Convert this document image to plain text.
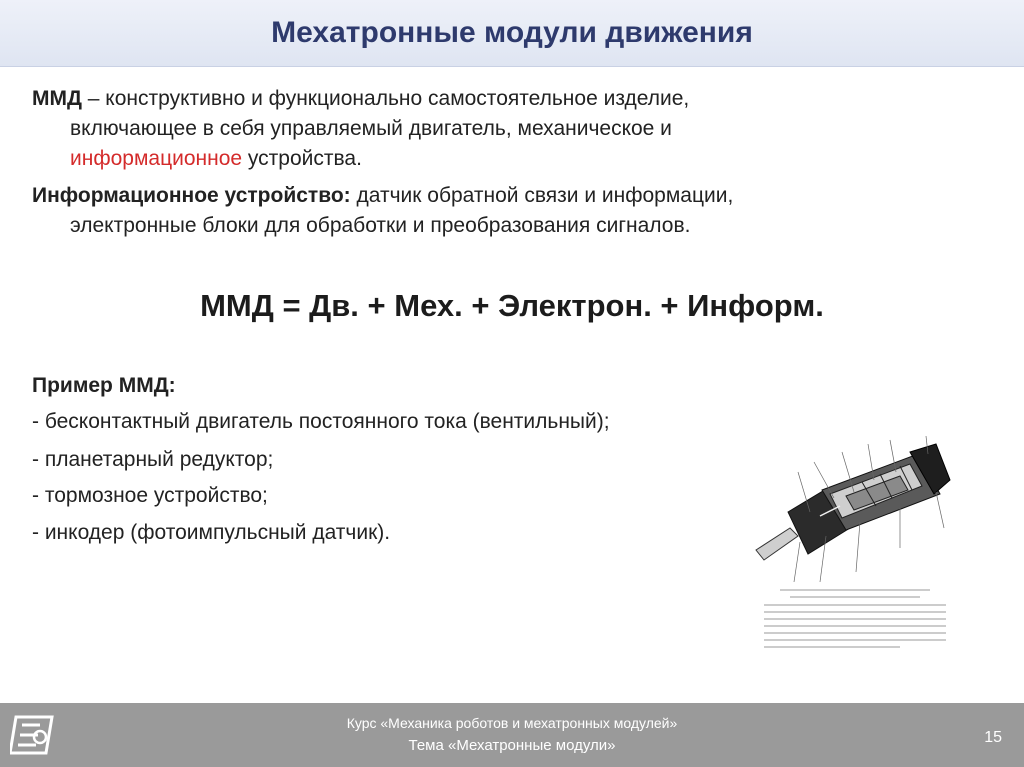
Мехатронные модули движения
ММД – конструктивно и функционально самостоятельное изделие,
включающее в себя управляемый двигатель, механическое и
информационное устройства.
Информационное устройство: датчик обратной связи и информации,
электронные блоки для обработки и преобразования сигналов.
ММД = Дв. + Мех. + Электрон. + Информ.
Пример ММД:
- бесконтактный двигатель постоянного тока (вентильный);
- планетарный редуктор;
- тормозное устройство;
- инкодер (фотоимпульсный датчик).
Курс «Механика роботов и мехатронных модулей»
Тема «Мехатронные модули»	15
